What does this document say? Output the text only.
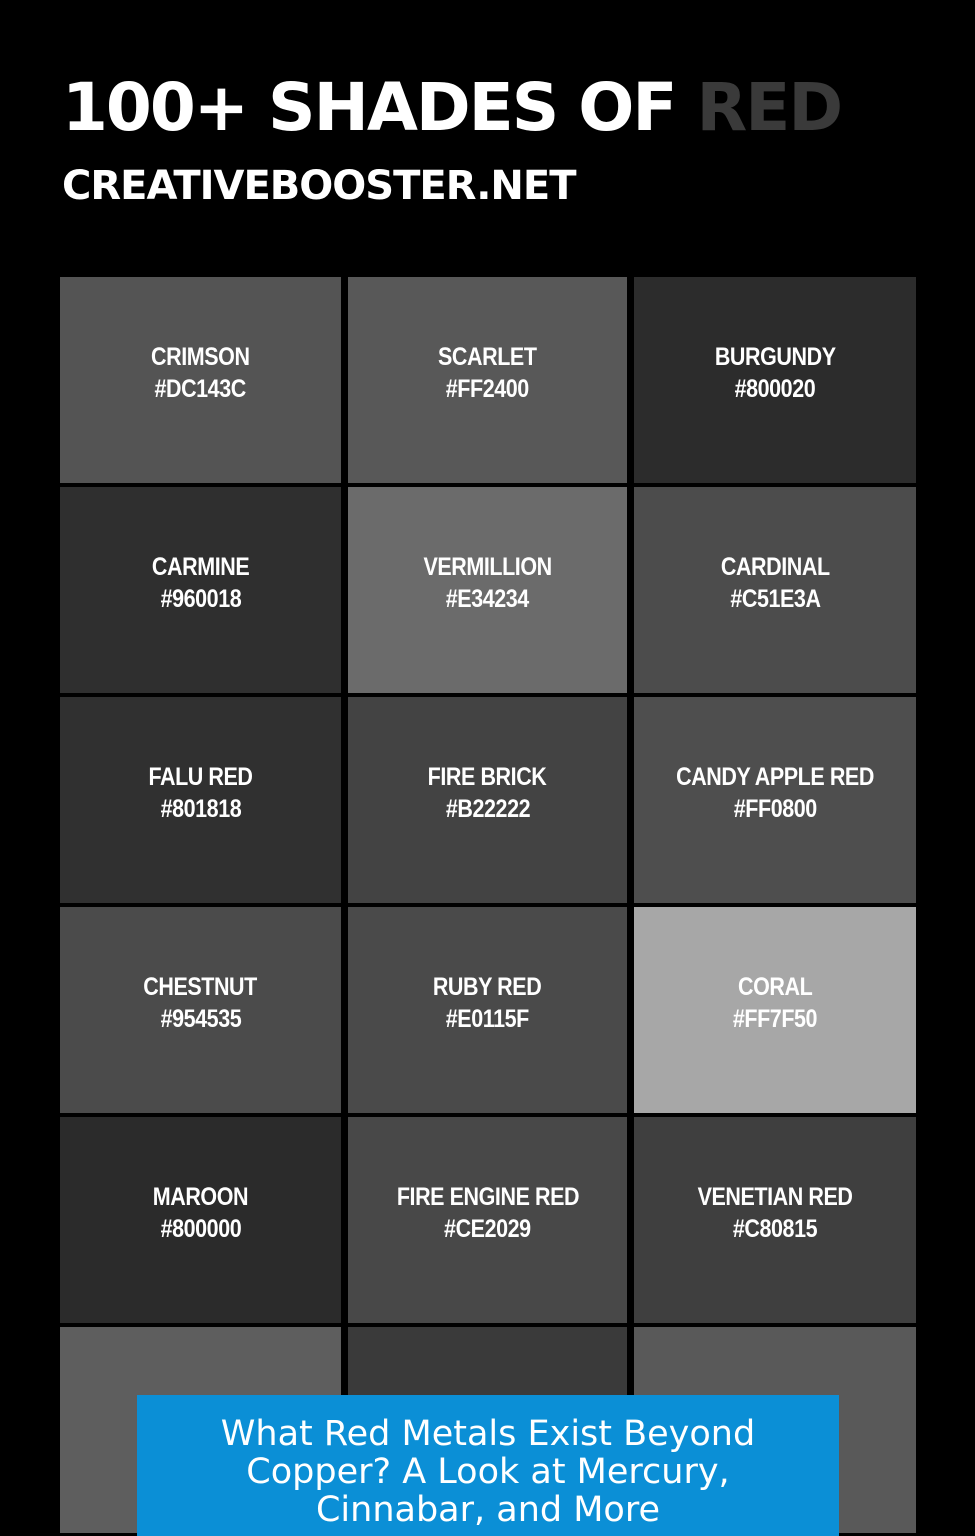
100+ SHADES OF RED
CREATIVEBOOSTER.NET
CRIMSON
#DC143C
SCARLET
#FF2400
BURGUNDY
#800020
CARMINE
#960018
VERMILLION
#E34234
CARDINAL
#C51E3A
FALU RED
#801818
FIRE BRICK
#B22222
CANDY APPLE RED
#FF0800
CHESTNUT
#954535
RUBY RED
#E0115F
CORAL
#FF7F50
MAROON
#800000
FIRE ENGINE RED
#CE2029
VENETIAN RED
#C80815
What Red Metals Exist Beyond Copper? A Look at Mercury, Cinnabar, and More
